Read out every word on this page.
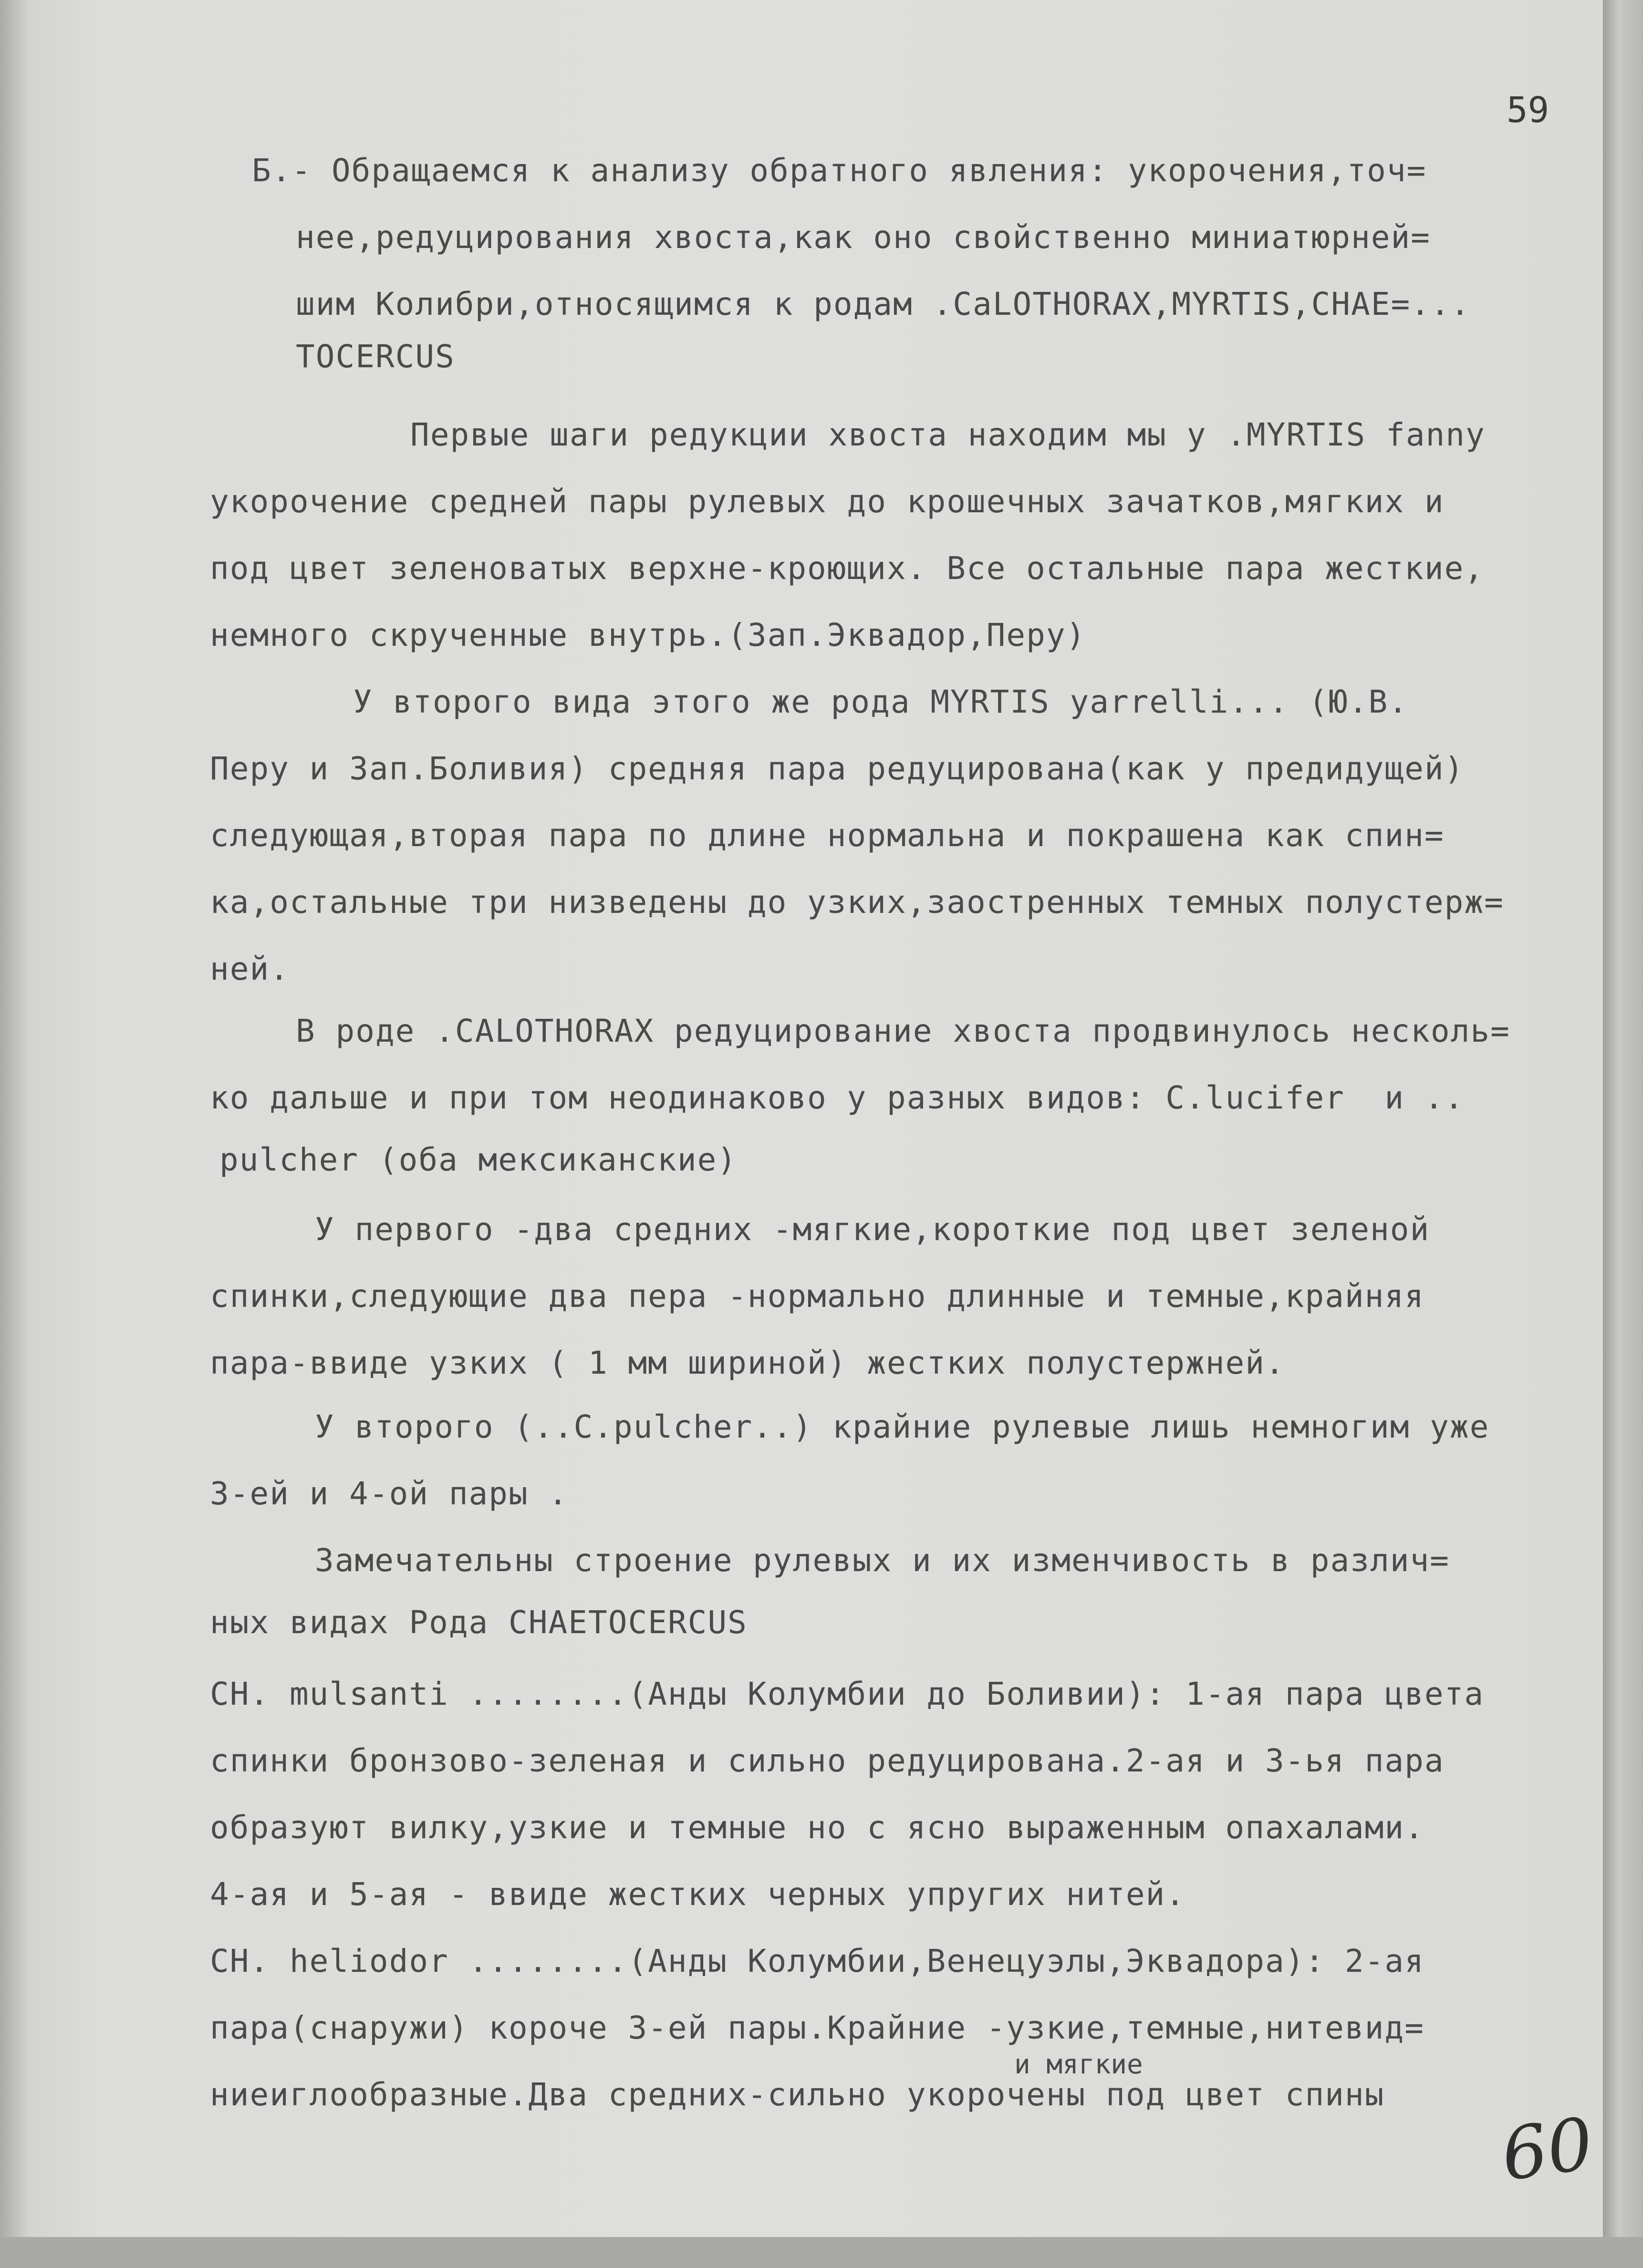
59
Б.- Обращаемся к анализу обратного явления: укорочения,точ=
нее,редуцирования хвоста,как оно свойственно миниатюрней=
шим Колибри,относящимся к родам .CaLOTHORAX,MYRTIS,CHAE=...
TOCERCUS
Первые шаги редукции хвоста находим мы у .MYRTIS fanny
укорочение средней пары рулевых до крошечных зачатков,мягких и
под цвет зеленоватых верхне-кроющих. Все остальные пара жесткие,
немного скрученные внутрь.(Зап.Эквадор,Перу)
У второго вида этого же рода MYRTIS yarrelli... (Ю.В.
Перу и Зап.Боливия) средняя пара редуцирована(как у предидущей)
следующая,вторая пара по длине нормальна и покрашена как спин=
ка,остальные три низведены до узких,заостренных темных полустерж=
ней.
В роде .CALOTHORAX редуцирование хвоста продвинулось несколь=
ко дальше и при том неодинаково у разных видов: C.lucifer  и ..
pulcher (оба мексиканские)
У первого -два средних -мягкие,короткие под цвет зеленой
спинки,следующие два пера -нормально длинные и темные,крайняя
пара-ввиде узких ( 1 мм шириной) жестких полустержней.
У второго (..C.pulcher..) крайние рулевые лишь немногим уже
3-ей и 4-ой пары .
Замечательны строение рулевых и их изменчивость в различ=
ных видах Рода CHAETOCERCUS
CH. mulsanti ........(Анды Колумбии до Боливии): 1-ая пара цвета
спинки бронзово-зеленая и сильно редуцирована.2-ая и 3-ья пара
образуют вилку,узкие и темные но с ясно выраженным опахалами.
4-ая и 5-ая - ввиде жестких черных упругих нитей.
CH. heliodor ........(Анды Колумбии,Венецуэлы,Эквадора): 2-ая
пара(снаружи) короче 3-ей пары.Крайние -узкие,темные,нитевид=
и мягкие
ниеиглообразные.Два средних-сильно укорочены под цвет спины
60
